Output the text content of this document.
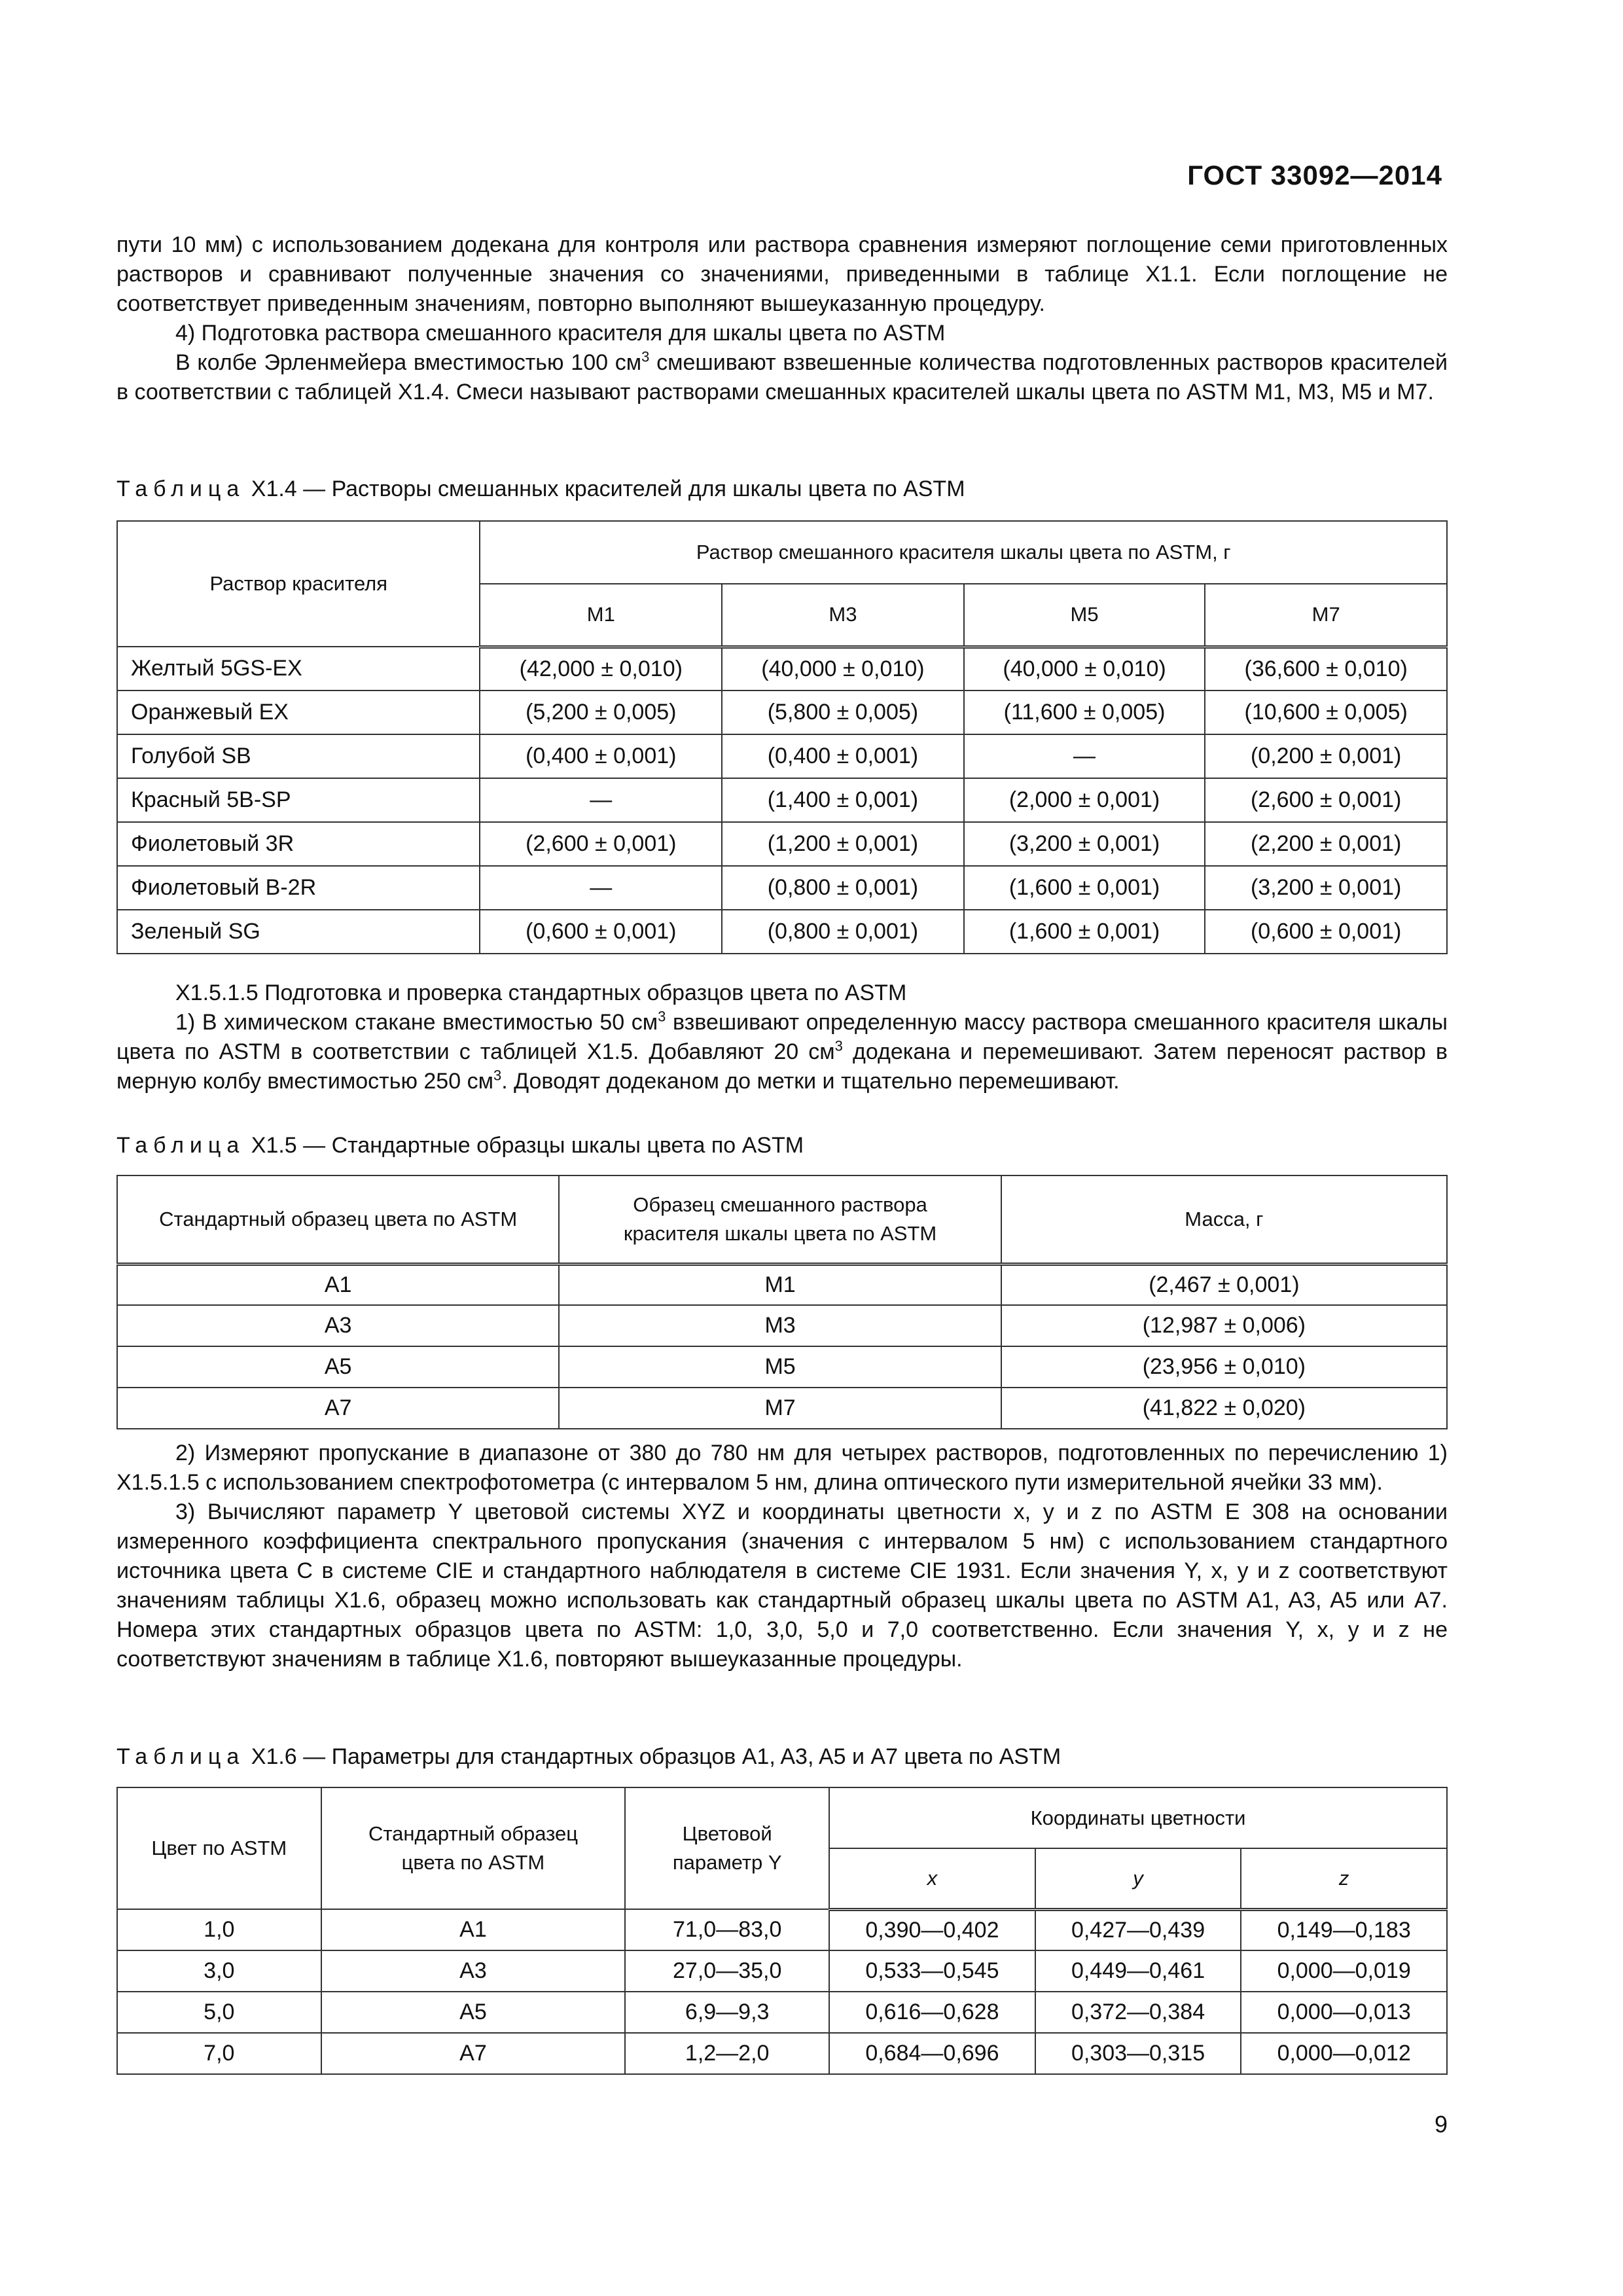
ГОСТ 33092—2014

пути 10 мм) с использованием додекана для контроля или раствора сравнения измеряют поглощение семи приготовленных растворов и сравнивают полученные значения со значениями, приведенными в таблице X1.1. Если поглощение не соответствует приведенным значениям, повторно выполняют вышеуказанную процедуру.

4) Подготовка раствора смешанного красителя для шкалы цвета по ASTM

В колбе Эрленмейера вместимостью 100 $см^3$ смешивают взвешенные количества подготовленных растворов красителей в соответствии с таблицей X1.4. Смеси называют растворами смешанных красителей шкалы цвета по ASTM M1, M3, M5 и M7.

Таблица X1.4 — Растворы смешанных красителей для шкалы цвета по ASTM
Раствор красителя	Раствор смешанного красителя шкалы цвета по ASTM, г			
	M1	M3	M5	M7
Желтый 5GS-EX	(42,000 ± 0,010)	(40,000 ± 0,010)	(40,000 ± 0,010)	(36,600 ± 0,010)
Оранжевый EX	(5,200 ± 0,005)	(5,800 ± 0,005)	(11,600 ± 0,005)	(10,600 ± 0,005)
Голубой SB	(0,400 ± 0,001)	(0,400 ± 0,001)	—	(0,200 ± 0,001)
Красный 5B-SP	—	(1,400 ± 0,001)	(2,000 ± 0,001)	(2,600 ± 0,001)
Фиолетовый 3R	(2,600 ± 0,001)	(1,200 ± 0,001)	(3,200 ± 0,001)	(2,200 ± 0,001)
Фиолетовый B-2R	—	(0,800 ± 0,001)	(1,600 ± 0,001)	(3,200 ± 0,001)
Зеленый SG	(0,600 ± 0,001)	(0,800 ± 0,001)	(1,600 ± 0,001)	(0,600 ± 0,001)

X1.5.1.5 Подготовка и проверка стандартных образцов цвета по ASTM

1) В химическом стакане вместимостью 50 $см^3$ взвешивают определенную массу раствора смешанного красителя шкалы цвета по ASTM в соответствии с таблицей X1.5. Добавляют 20 $см^3$ додекана и перемешивают. Затем переносят раствор в мерную колбу вместимостью 250 $см^3$. Доводят додеканом до метки и тщательно перемешивают.

Таблица X1.5 — Стандартные образцы шкалы цвета по ASTM
Стандартный образец цвета по ASTM	Образец смешанного раствора красителя шкалы цвета по ASTM	Масса, г
A1	M1	(2,467 ± 0,001)
A3	M3	(12,987 ± 0,006)
A5	M5	(23,956 ± 0,010)
A7	M7	(41,822 ± 0,020)

2) Измеряют пропускание в диапазоне от 380 до 780 нм для четырех растворов, подготовленных по перечислению 1) X1.5.1.5 с использованием спектрофотометра (с интервалом 5 нм, длина оптического пути измерительной ячейки 33 мм).

3) Вычисляют параметр Y цветовой системы XYZ и координаты цветности x, y и z по ASTM E 308 на основании измеренного коэффициента спектрального пропускания (значения с интервалом 5 нм) с использованием стандартного источника цвета C в системе CIE и стандартного наблюдателя в системе CIE 1931. Если значения Y, x, y и z соответствуют значениям таблицы X1.6, образец можно использовать как стандартный образец шкалы цвета по ASTM A1, A3, A5 или A7. Номера этих стандартных образцов цвета по ASTM: 1,0, 3,0, 5,0 и 7,0 соответственно. Если значения Y, x, y и z не соответствуют значениям в таблице X1.6, повторяют вышеуказанные процедуры.

Таблица X1.6 — Параметры для стандартных образцов A1, A3, A5 и A7 цвета по ASTM
Цвет по ASTM	Стандартный образец цвета по ASTM	Цветовой параметр Y	Координаты цветности		
			x	y	z
1,0	A1	71,0—83,0	0,390—0,402	0,427—0,439	0,149—0,183
3,0	A3	27,0—35,0	0,533—0,545	0,449—0,461	0,000—0,019
5,0	A5	6,9—9,3	0,616—0,628	0,372—0,384	0,000—0,013
7,0	A7	1,2—2,0	0,684—0,696	0,303—0,315	0,000—0,012
9
